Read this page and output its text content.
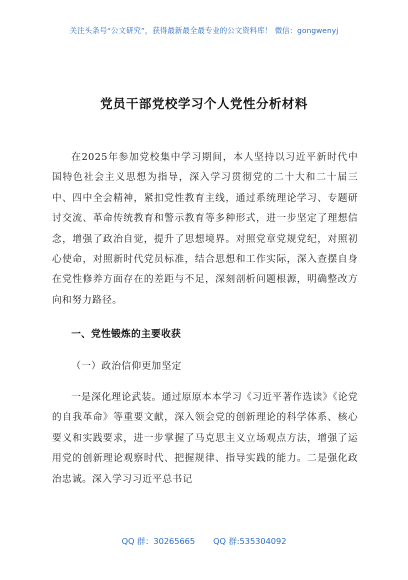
关注头条号“公文研究”，获得最新最全最专业的公文资料库！ 微信：gongwenyj
党员干部党校学习个人党性分析材料

在2025年参加党校集中学习期间，本人坚持以习近平新时代中国特色社会主义思想为指导，深入学习贯彻党的二十大和二十届三中、四中全会精神，紧扣党性教育主线，通过系统理论学习、专题研讨交流、革命传统教育和警示教育等多种形式，进一步坚定了理想信念，增强了政治自觉，提升了思想境界。对照党章党规党纪，对照初心使命，对照新时代党员标准，结合思想和工作实际，深入查摆自身在党性修养方面存在的差距与不足，深刻剖析问题根源，明确整改方向和努力路径。

一、党性锻炼的主要收获
（一）政治信仰更加坚定

一是深化理论武装。通过原原本本学习《习近平著作选读》《论党的自我革命》等重要文献，深入领会党的创新理论的科学体系、核心要义和实践要求，进一步掌握了马克思主义立场观点方法，增强了运用党的创新理论观察时代、把握规律、指导实践的能力。二是强化政治忠诚。深入学习习近平总书记

QQ 群：30265665 QQ 群:535304092
